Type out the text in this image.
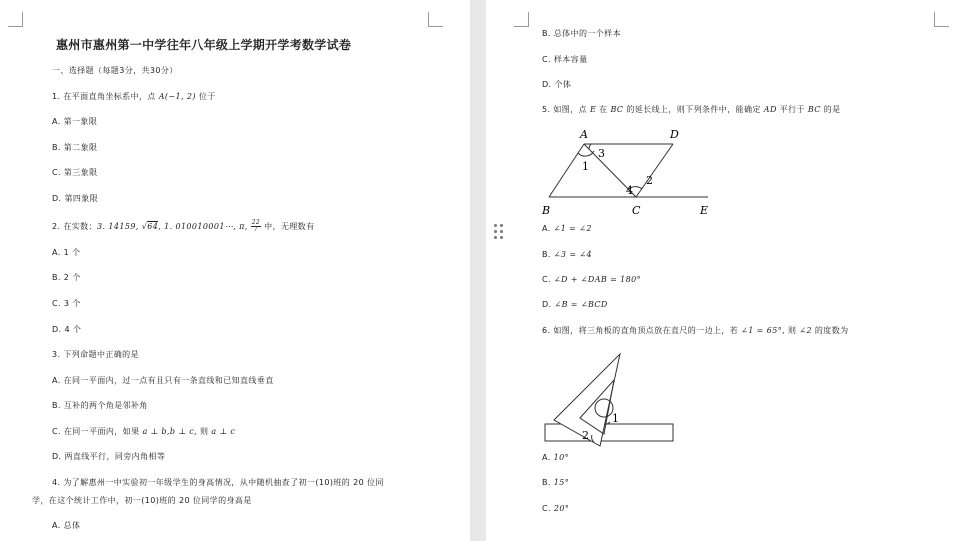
惠州市惠州第一中学往年八年级上学期开学考数学试卷
一、选择题（每题3分，共30分）
1. 在平面直角坐标系中，点 A(−1, 2) 位于
A. 第一象限
B. 第二象限
C. 第三象限
D. 第四象限
2. 在实数：3. 14159, √64, 1. 010010001⋯, π, $\frac{22}{7}$ 中，无理数有
A. 1 个
B. 2 个
C. 3 个
D. 4 个
3. 下列命题中正确的是
A. 在同一平面内，过一点有且只有一条直线和已知直线垂直
B. 互补的两个角是邻补角
C. 在同一平面内，如果 a ⊥ b,b ⊥ c, 则 a ⊥ c
D. 两直线平行，同旁内角相等
4. 为了解惠州一中实验初一年级学生的身高情况，从中随机抽查了初一(10)班的 20 位同
学，在这个统计工作中，初一(10)班的 20 位同学的身高是
A. 总体
B. 总体中的一个样本
C. 样本容量
D. 个体
5. 如图，点 E 在 BC 的延长线上，则下列条件中，能确定 AD 平行于 BC 的是
A	D
B	C	E
1
3
2
4
A. ∠1 = ∠2
B. ∠3 = ∠4
C. ∠D + ∠DAB = 180°
D. ∠B = ∠BCD
6. 如图，将三角板的直角顶点放在直尺的一边上，若 ∠1 = 65°, 则 ∠2 的度数为
1
2
A. 10°
B. 15°
C. 20°
